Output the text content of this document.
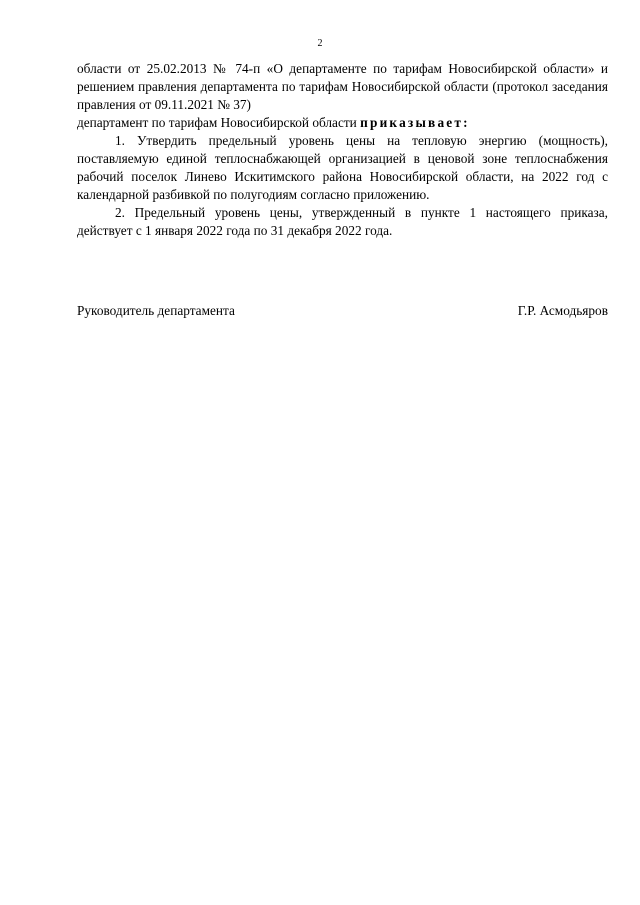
2

области от 25.02.2013 № 74-п «О департаменте по тарифам Новосибирской области» и решением правления департамента по тарифам Новосибирской области (протокол заседания правления от 09.11.2021 № 37)

департамент по тарифам Новосибирской области приказывает:

1. Утвердить предельный уровень цены на тепловую энергию (мощность), поставляемую единой теплоснабжающей организацией в ценовой зоне теплоснабжения рабочий поселок Линево Искитимского района Новосибирской области, на 2022 год с календарной разбивкой по полугодиям согласно приложению.

2. Предельный уровень цены, утвержденный в пункте 1 настоящего приказа, действует с 1 января 2022 года по 31 декабря 2022 года.

Руководитель департамента	Г.Р. Асмодьяров
